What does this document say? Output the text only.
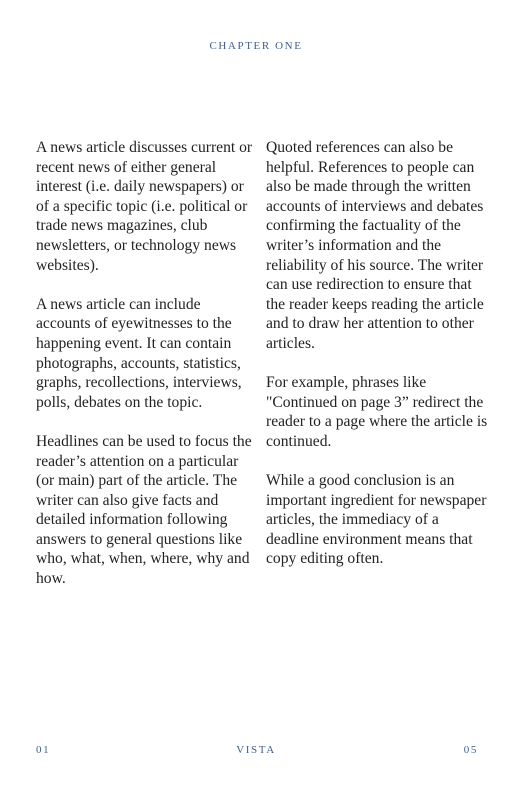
CHAPTER ONE

A news article discusses current or recent news of either general interest (i.e. daily newspapers) or of a specific topic (i.e. political or trade news magazines, club newsletters, or technology news websites).

A news article can include accounts of eyewitnesses to the happening event. It can contain photographs, accounts, statistics, graphs, recollections, interviews, polls, debates on the topic.

Headlines can be used to focus the reader’s attention on a particular (or main) part of the article. The writer can also give facts and detailed information following answers to general questions like who, what, when, where, why and how.

Quoted references can also be helpful. References to people can also be made through the written accounts of interviews and debates confirming the factuality of the writer’s information and the reliability of his source. The writer can use redirection to ensure that the reader keeps reading the article and to draw her attention to other articles.

For example, phrases like "Continued on page 3” redirect the reader to a page where the article is continued.

While a good conclusion is an important ingredient for newspaper articles, the immediacy of a deadline environment means that copy editing often.

VISTA
01	05
